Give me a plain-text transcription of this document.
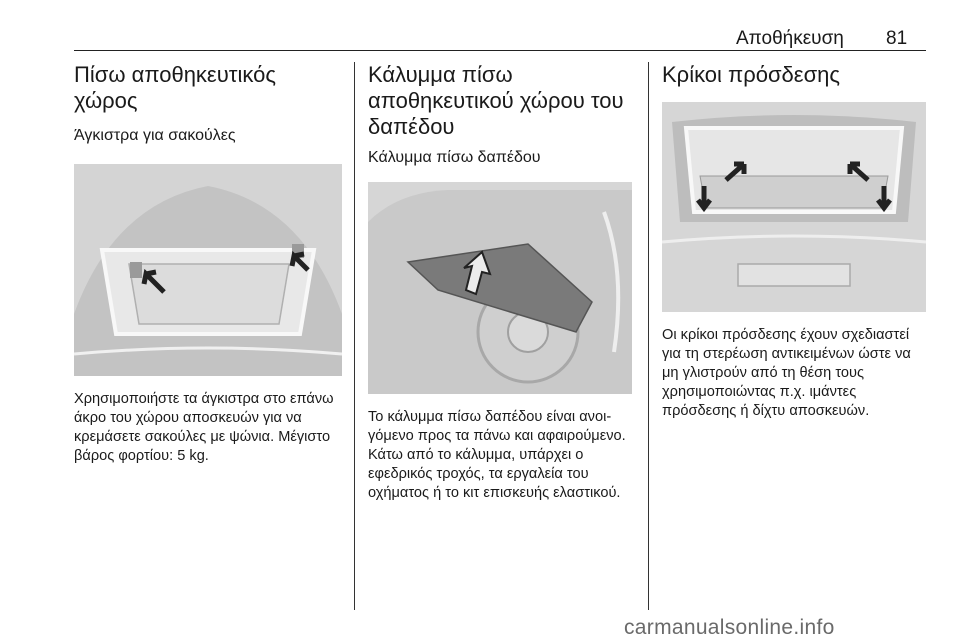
Αποθήκευση 81
Πίσω αποθηκευτικός χώρος
Άγκιστρα για σακούλες

Χρησιμοποιήστε τα άγκιστρα στο επάνω άκρο του χώρου αποσκευών για να κρεμάσετε σακούλες με ψώνια. Μέγιστο βάρος φορτίου: 5 kg.

Κάλυμμα πίσω αποθηκευτικού χώρου του δαπέδου
Κάλυμμα πίσω δαπέδου

Το κάλυμμα πίσω δαπέδου είναι ανοιγόμενο προς τα πάνω και αφαιρούμενο. Κάτω από το κάλυμμα, υπάρχει ο εφεδρικός τροχός, τα εργαλεία του οχήματος ή το κιτ επισκευής ελαστικού.

Κρίκοι πρόσδεσης

Οι κρίκοι πρόσδεσης έχουν σχεδιαστεί για τη στερέωση αντικειμένων ώστε να μη γλιστρούν από τη θέση τους χρησιμοποιώντας π.χ. ιμάντες πρόσδεσης ή δίχτυ αποσκευών.

carmanualsonline.info
